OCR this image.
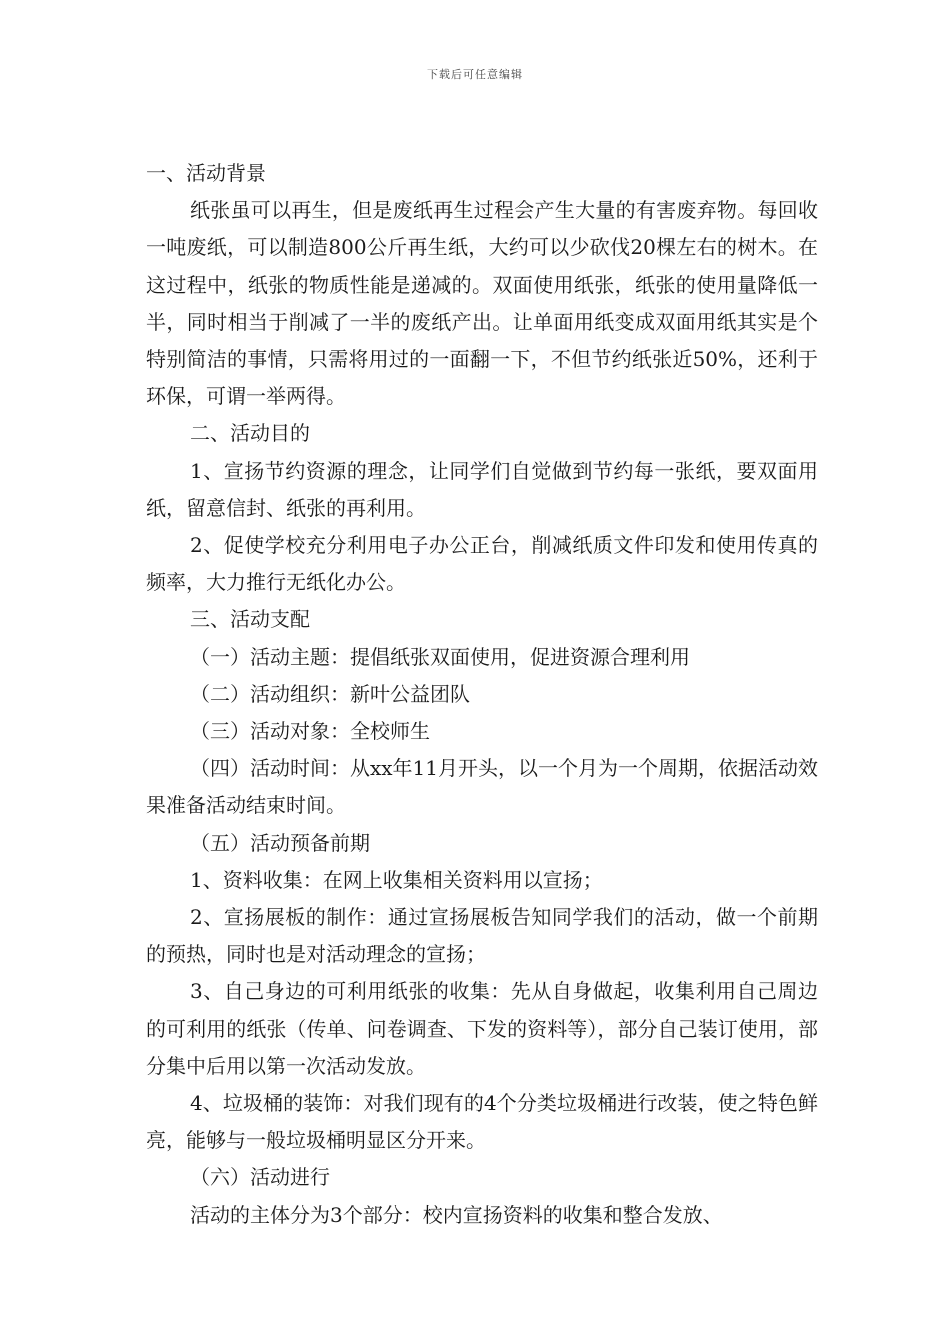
下载后可任意编辑

一、活动背景

纸张虽可以再生，但是废纸再生过程会产生大量的有害废弃物。每回收一吨废纸，可以制造800公斤再生纸，大约可以少砍伐20棵左右的树木。在这过程中，纸张的物质性能是递减的。双面使用纸张，纸张的使用量降低一半，同时相当于削减了一半的废纸产出。让单面用纸变成双面用纸其实是个特别简洁的事情，只需将用过的一面翻一下，不但节约纸张近50%，还利于环保，可谓一举两得。

二、活动目的

1、宣扬节约资源的理念，让同学们自觉做到节约每一张纸，要双面用纸，留意信封、纸张的再利用。

2、促使学校充分利用电子办公正台，削减纸质文件印发和使用传真的频率，大力推行无纸化办公。

三、活动支配

（一）活动主题：提倡纸张双面使用，促进资源合理利用

（二）活动组织：新叶公益团队

（三）活动对象：全校师生

（四）活动时间：从xx年11月开头，以一个月为一个周期，依据活动效果准备活动结束时间。

（五）活动预备前期

1、资料收集：在网上收集相关资料用以宣扬；

2、宣扬展板的制作：通过宣扬展板告知同学我们的活动，做一个前期的预热，同时也是对活动理念的宣扬；

3、自己身边的可利用纸张的收集：先从自身做起，收集利用自己周边的可利用的纸张（传单、问卷调查、下发的资料等），部分自己装订使用，部分集中后用以第一次活动发放。

4、垃圾桶的装饰：对我们现有的4个分类垃圾桶进行改装，使之特色鲜亮，能够与一般垃圾桶明显区分开来。

（六）活动进行

活动的主体分为3个部分：校内宣扬资料的收集和整合发放、
